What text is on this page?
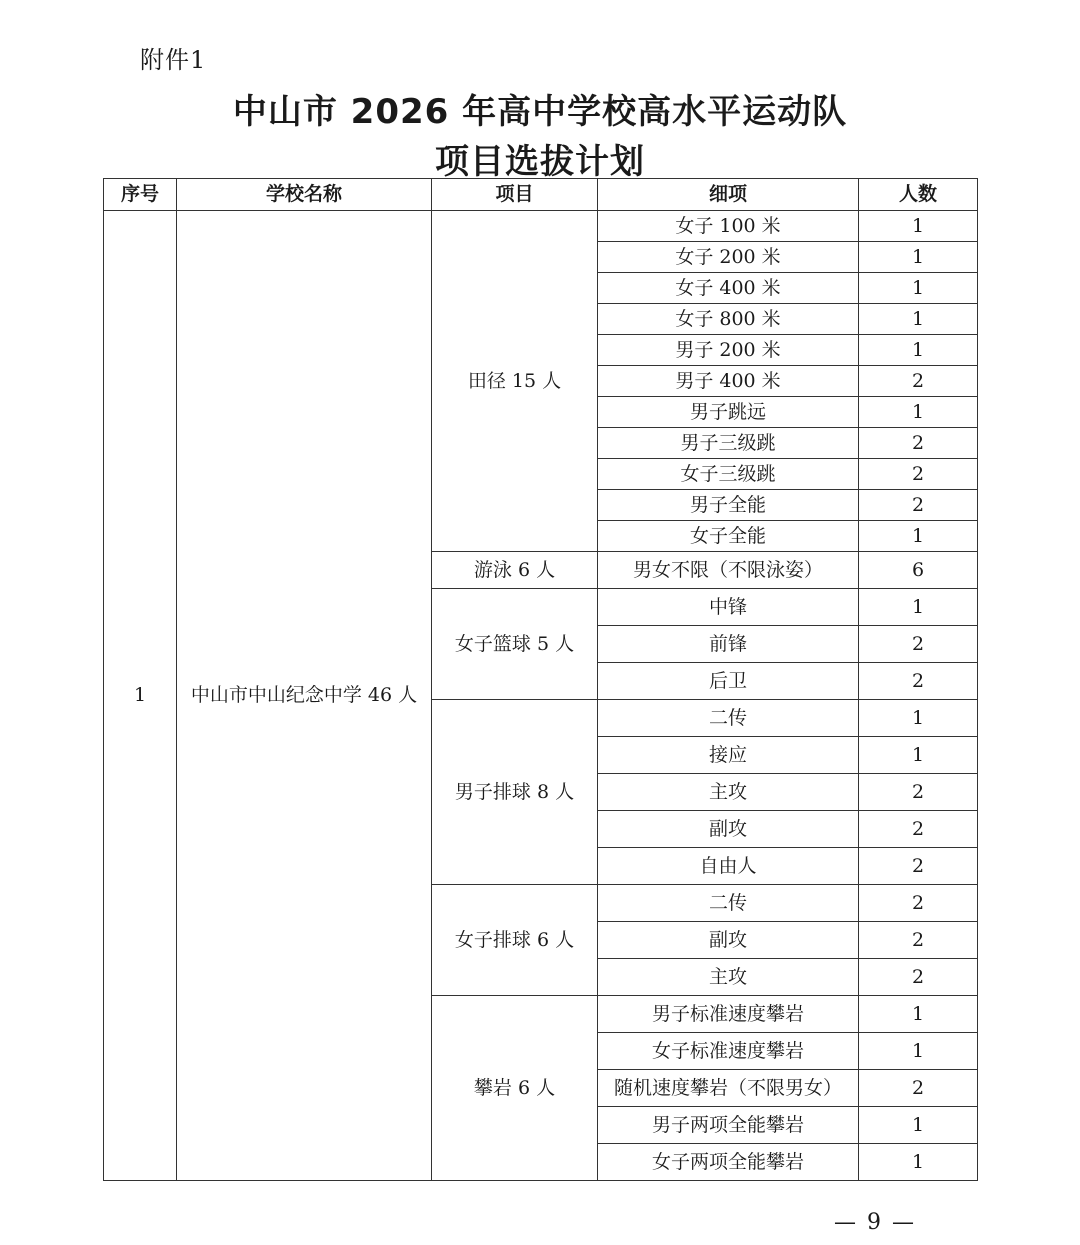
附件1
中山市 2026 年高中学校高水平运动队
项目选拔计划
序号	学校名称	项目	细项	人数
1	中山市中山纪念中学 46 人	田径 15 人	女子 100 米	1
			女子 200 米	1
			女子 400 米	1
			女子 800 米	1
			男子 200 米	1
			男子 400 米	2
			男子跳远	1
			男子三级跳	2
			女子三级跳	2
			男子全能	2
			女子全能	1
		游泳 6 人	男女不限（不限泳姿）	6
		女子篮球 5 人	中锋	1
			前锋	2
			后卫	2
		男子排球 8 人	二传	1
			接应	1
			主攻	2
			副攻	2
			自由人	2
		女子排球 6 人	二传	2
			副攻	2
			主攻	2
		攀岩 6 人	男子标准速度攀岩	1
			女子标准速度攀岩	1
			随机速度攀岩（不限男女）	2
			男子两项全能攀岩	1
			女子两项全能攀岩	1
— 9 —
